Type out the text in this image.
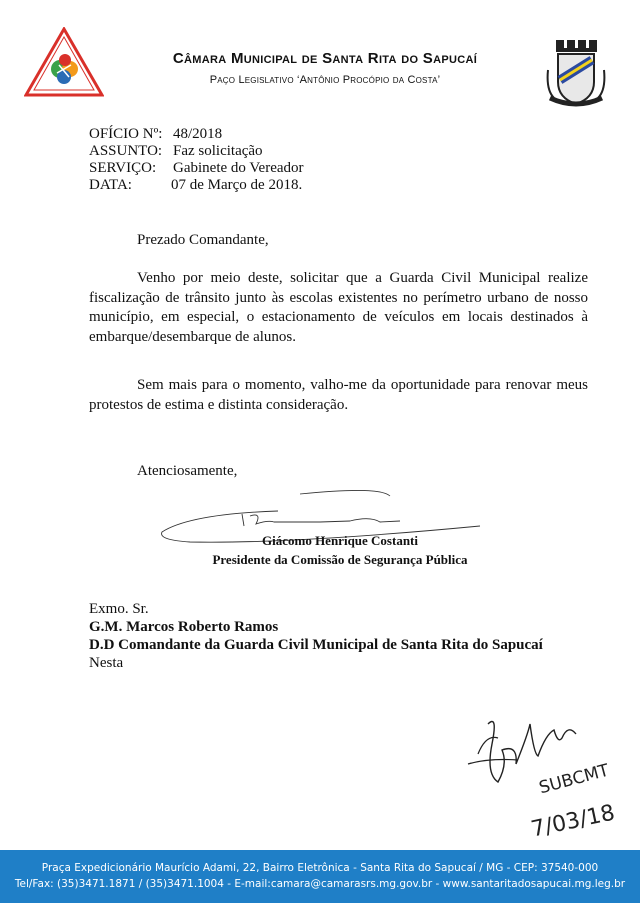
Câmara Municipal de Santa Rita do Sapucaí
Paço Legislativo ‘Antônio Procópio da Costa’
OFÍCIO Nº: 48/2018
ASSUNTO: Faz solicitação
SERVIÇO: Gabinete do Vereador
DATA:	07 de Março de 2018.
Prezado Comandante,
Venho por meio deste, solicitar que a Guarda Civil Municipal realize fiscalização de trânsito junto às escolas existentes no perímetro urbano de nosso município, em especial, o estacionamento de veículos em locais destinados à embarque/desembarque de alunos.
Sem mais para o momento, valho-me da oportunidade para renovar meus protestos de estima e distinta consideração.
Atenciosamente,
Giácomo Henrique Costanti
Presidente da Comissão de Segurança Pública
Exmo. Sr.
G.M. Marcos Roberto Ramos
D.D Comandante da Guarda Civil Municipal de Santa Rita do Sapucaí
Nesta
SUBCMT
7/03/18
Praça Expedicionário Maurício Adami, 22, Bairro Eletrônica - Santa Rita do Sapucaí / MG - CEP: 37540-000
Tel/Fax: (35)3471.1871 / (35)3471.1004 - E-mail:camara@camarasrs.mg.gov.br - www.santaritadosapucai.mg.leg.br
